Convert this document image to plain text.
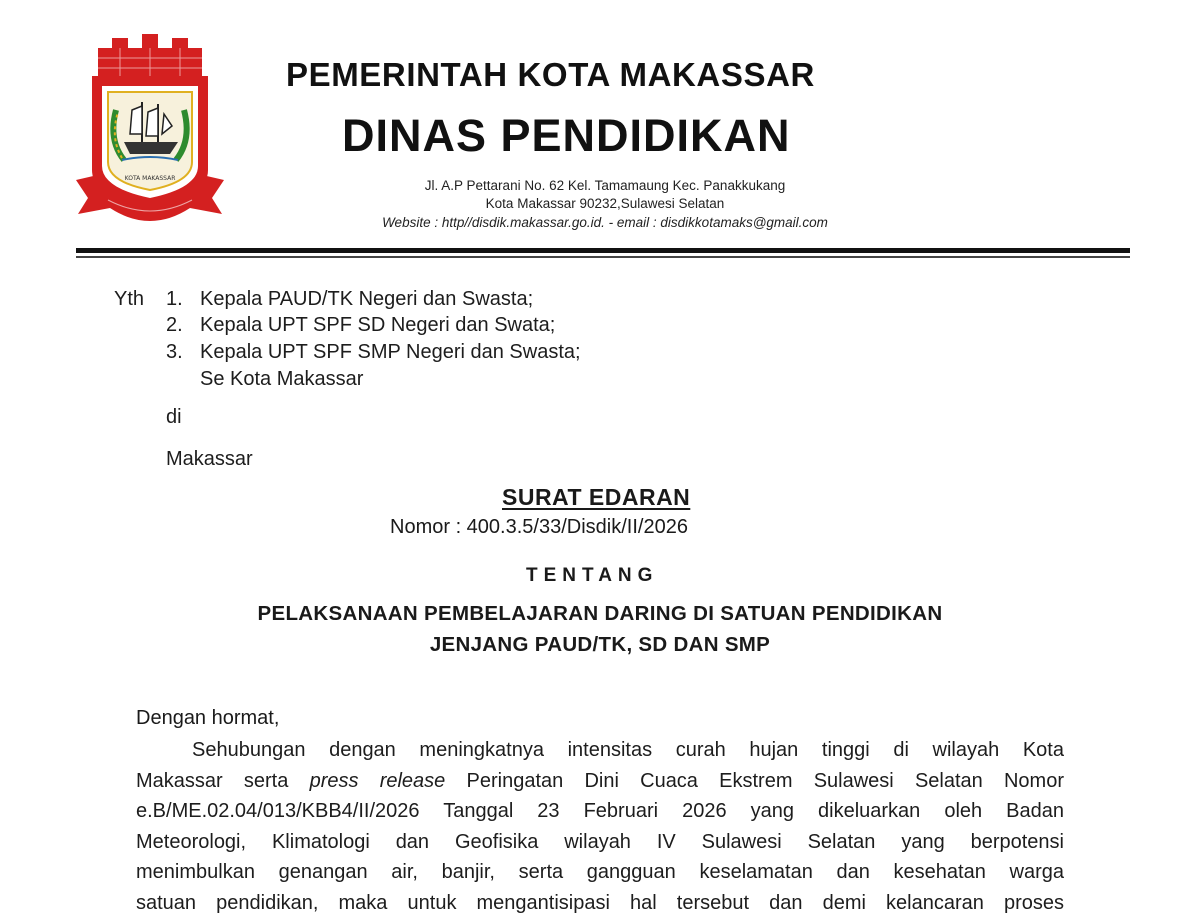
KOTA MAKASSAR
PEMERINTAH KOTA MAKASSAR
DINAS PENDIDIKAN
Jl. A.P Pettarani No. 62 Kel. Tamamaung Kec. Panakkukang
Kota Makassar 90232,Sulawesi Selatan
Website : http//disdik.makassar.go.id. - email : disdikkotamaks@gmail.com
Yth 1. Kepala PAUD/TK Negeri dan Swasta;
2. Kepala UPT SPF SD Negeri dan Swata;
3. Kepala UPT SPF SMP Negeri dan Swasta;
Se Kota Makassar
di
Makassar
SURAT EDARAN
Nomor : 400.3.5/33/Disdik/II/2026
TENTANG
PELAKSANAAN PEMBELAJARAN DARING DI SATUAN PENDIDIKAN
JENJANG PAUD/TK, SD DAN SMP
Dengan hormat,
Sehubungan dengan meningkatnya intensitas curah hujan tinggi di wilayah Kota
Makassar serta press release Peringatan Dini Cuaca Ekstrem Sulawesi Selatan Nomor
e.B/ME.02.04/013/KBB4/II/2026 Tanggal 23 Februari 2026 yang dikeluarkan oleh Badan
Meteorologi, Klimatologi dan Geofisika wilayah IV Sulawesi Selatan yang berpotensi
menimbulkan genangan air, banjir, serta gangguan keselamatan dan kesehatan warga
satuan pendidikan, maka untuk mengantisipasi hal tersebut dan demi kelancaran proses
